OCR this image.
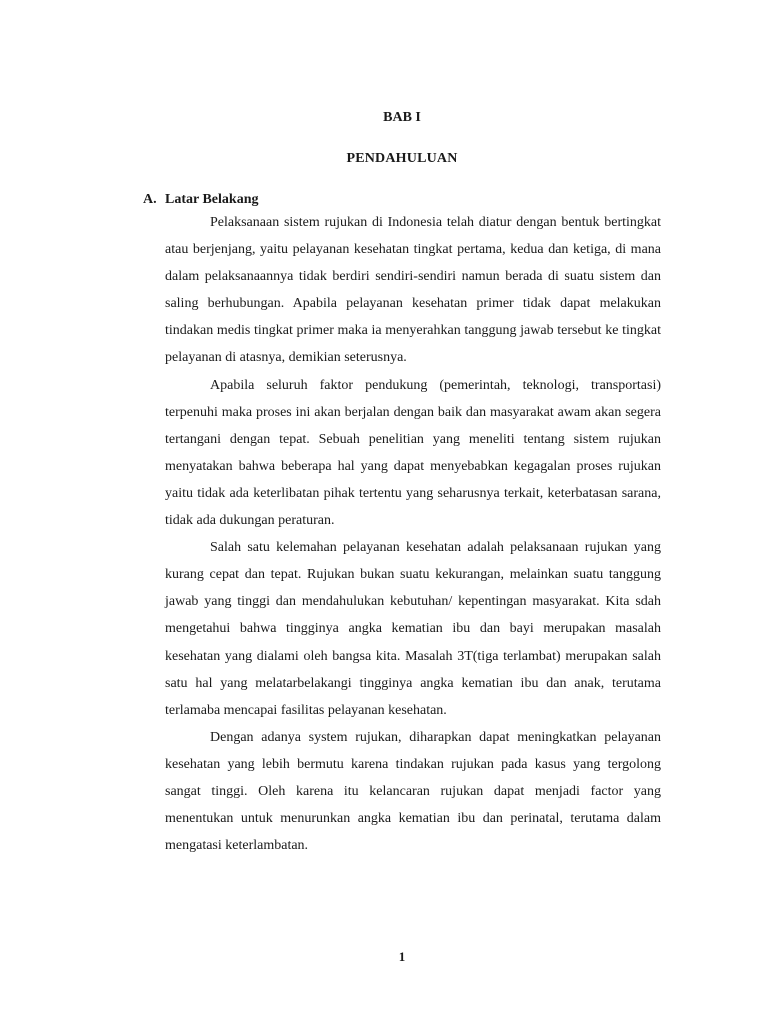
BAB I
PENDAHULUAN
A. Latar Belakang

Pelaksanaan sistem rujukan di Indonesia telah diatur dengan bentuk bertingkat atau berjenjang, yaitu pelayanan kesehatan tingkat pertama, kedua dan ketiga, di mana dalam pelaksanaannya tidak berdiri sendiri-sendiri namun berada di suatu sistem dan saling berhubungan. Apabila pelayanan kesehatan primer tidak dapat melakukan tindakan medis tingkat primer maka ia menyerahkan tanggung jawab tersebut ke tingkat pelayanan di atasnya, demikian seterusnya.

Apabila seluruh faktor pendukung (pemerintah, teknologi, transportasi) terpenuhi maka proses ini akan berjalan dengan baik dan masyarakat awam akan segera tertangani dengan tepat. Sebuah penelitian yang meneliti tentang sistem rujukan menyatakan bahwa beberapa hal yang dapat menyebabkan kegagalan proses rujukan yaitu tidak ada keterlibatan pihak tertentu yang seharusnya terkait, keterbatasan sarana, tidak ada dukungan peraturan.

Salah satu kelemahan pelayanan kesehatan adalah pelaksanaan rujukan yang kurang cepat dan tepat. Rujukan bukan suatu kekurangan, melainkan suatu tanggung jawab yang tinggi dan mendahulukan kebutuhan/ kepentingan masyarakat. Kita sdah mengetahui bahwa tingginya angka kematian ibu dan bayi merupakan masalah kesehatan yang dialami oleh bangsa kita. Masalah 3T(tiga terlambat) merupakan salah satu hal yang melatarbelakangi tingginya angka kematian ibu dan anak, terutama terlamaba mencapai fasilitas pelayanan kesehatan.

Dengan adanya system rujukan, diharapkan dapat meningkatkan pelayanan kesehatan yang lebih bermutu karena tindakan rujukan pada kasus yang tergolong sangat tinggi. Oleh karena itu kelancaran rujukan dapat menjadi factor yang menentukan untuk menurunkan angka kematian ibu dan perinatal, terutama dalam mengatasi keterlambatan.

1
